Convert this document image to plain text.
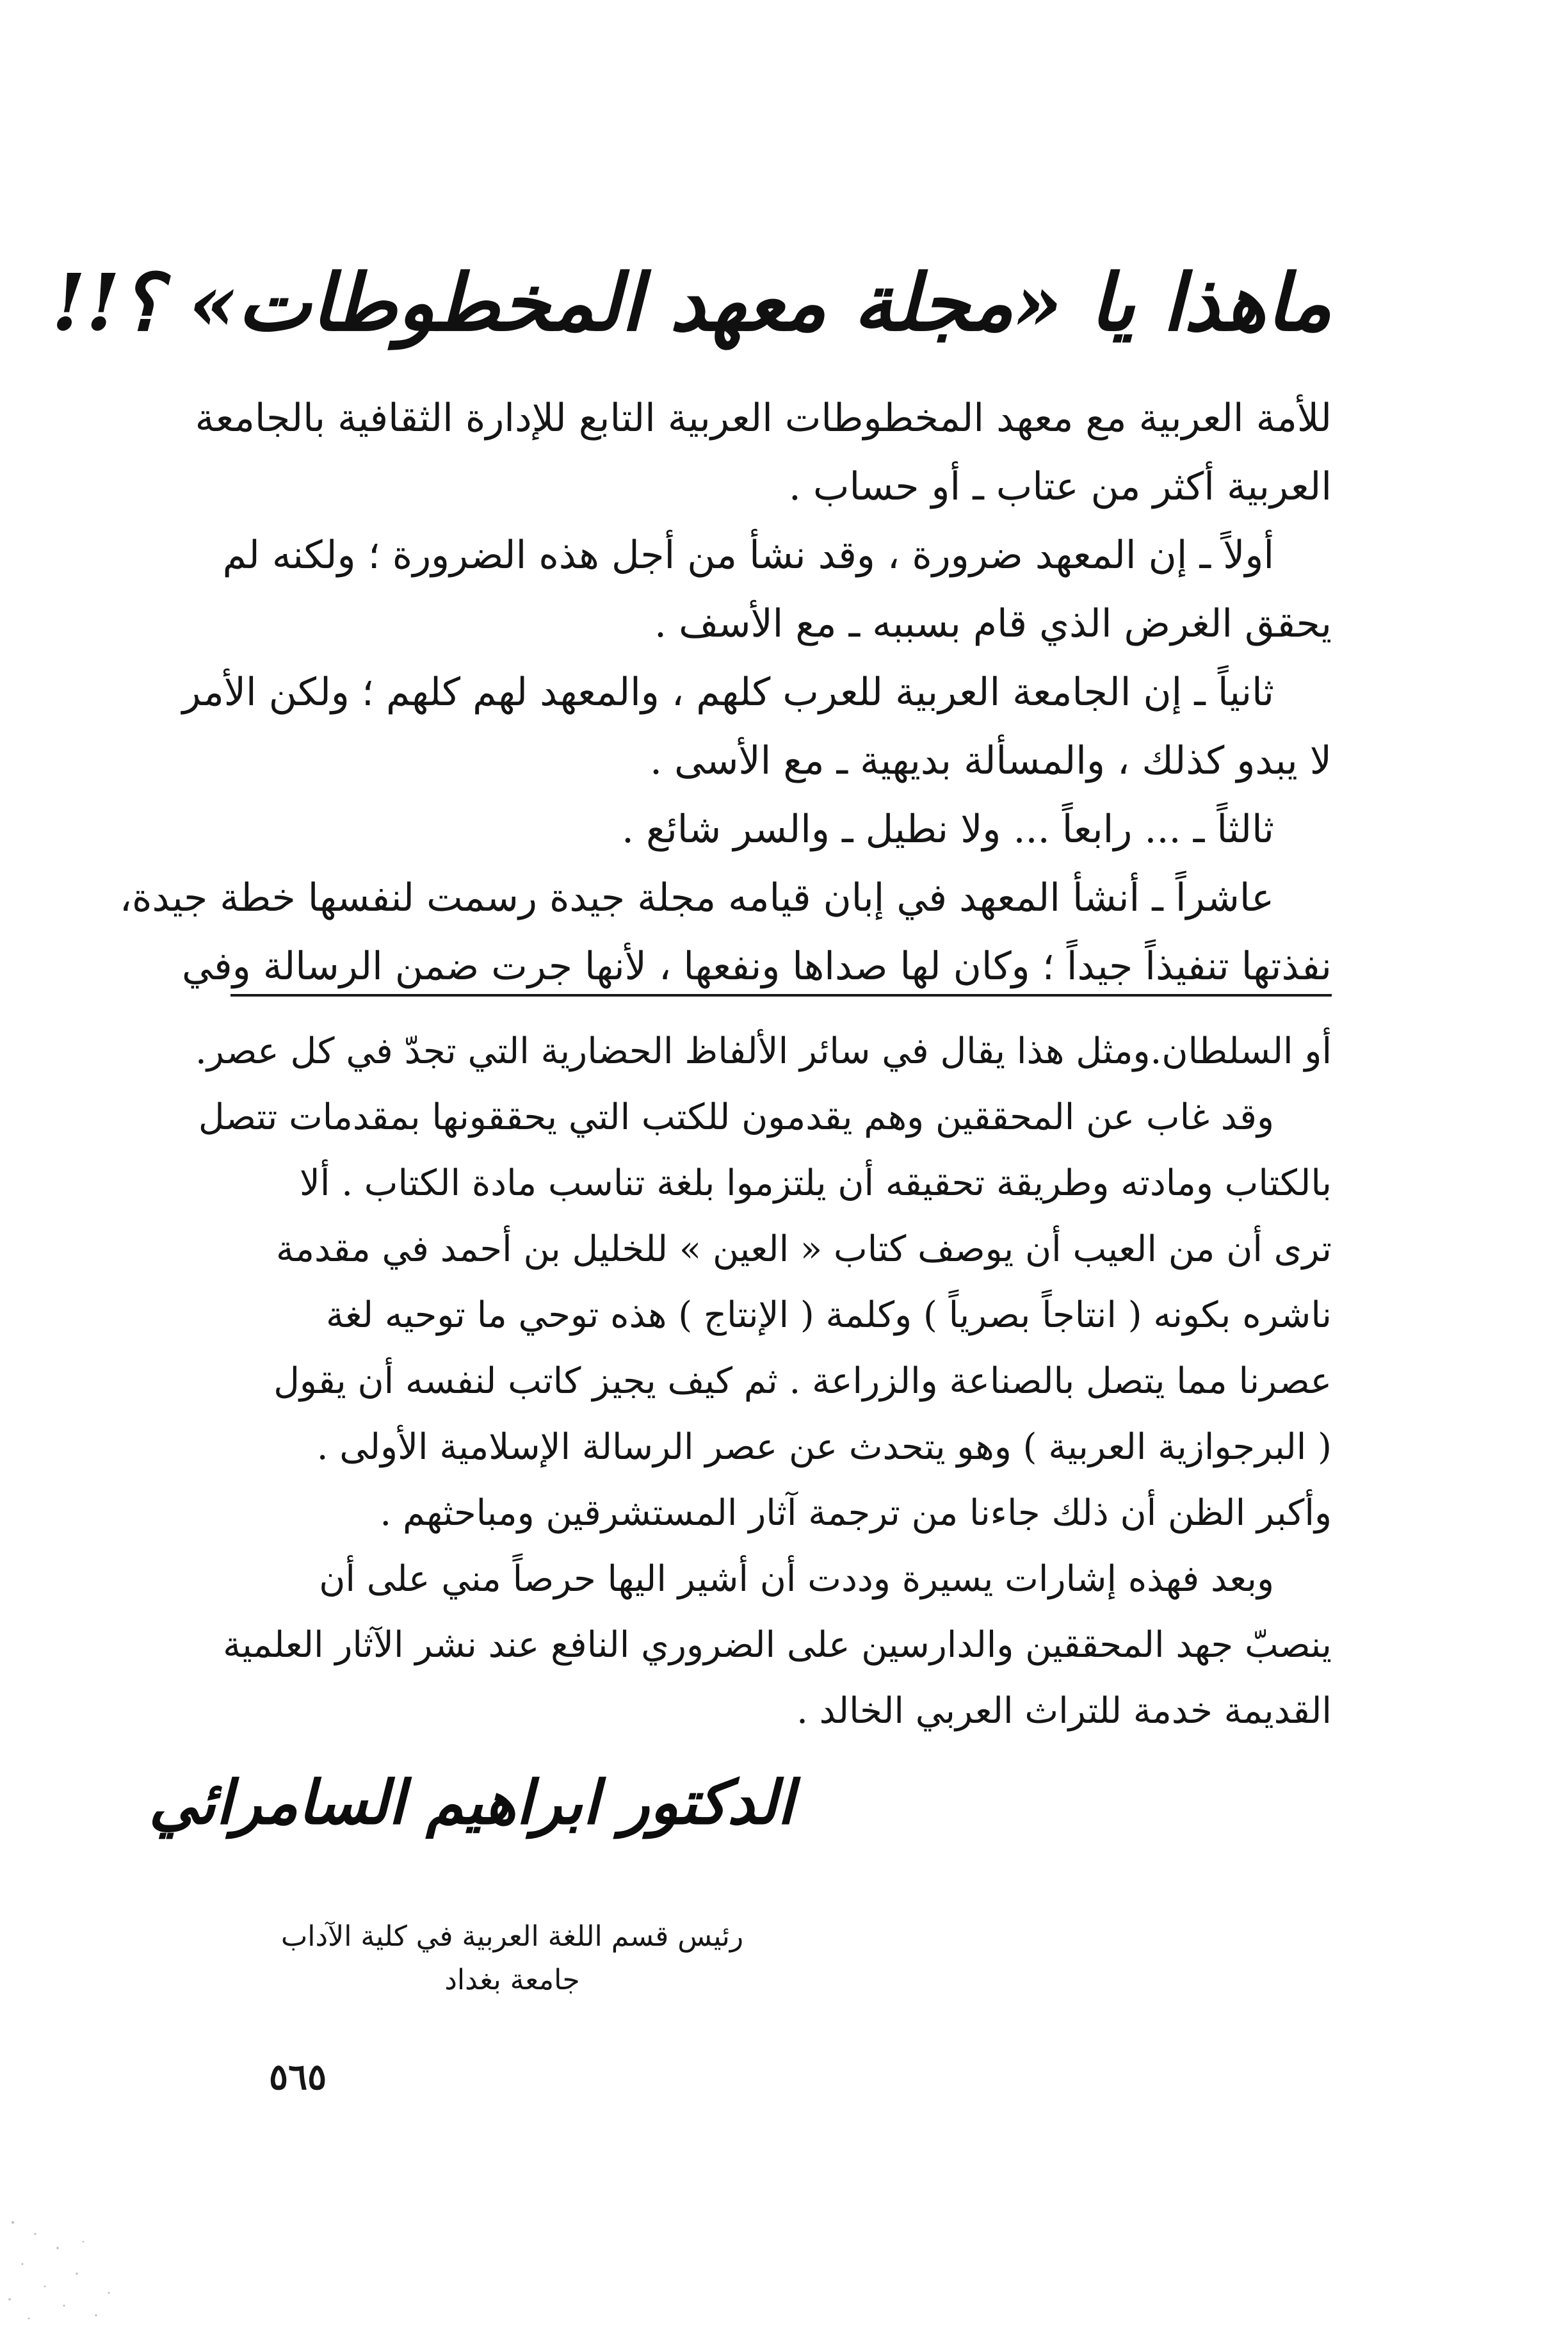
ماهذا يا «مجلة معهد المخطوطات» ؟!!
للأمة العربية مع معهد المخطوطات العربية التابع للإدارة الثقافية بالجامعة
العربية أكثر من عتاب ـ أو حساب .
أولاً ـ إن المعهد ضرورة ، وقد نشأ من أجل هذه الضرورة ؛ ولكنه لم
يحقق الغرض الذي قام بسببه ـ مع الأسف .
ثانياً ـ إن الجامعة العربية للعرب كلهم ، والمعهد لهم كلهم ؛ ولكن الأمر
لا يبدو كذلك ، والمسألة بديهية ـ مع الأسى .
ثالثاً ـ ... رابعاً ... ولا نطيل ـ والسر شائع .
عاشراً ـ أنشأ المعهد في إبان قيامه مجلة جيدة رسمت لنفسها خطة جيدة،
نفذتها تنفيذاً جيداً ؛ وكان لها صداها ونفعها ، لأنها جرت ضمن الرسالة وفي
أو السلطان.ومثل هذا يقال في سائر الألفاظ الحضارية التي تجدّ في كل عصر.
وقد غاب عن المحققين وهم يقدمون للكتب التي يحققونها بمقدمات تتصل
بالكتاب ومادته وطريقة تحقيقه أن يلتزموا بلغة تناسب مادة الكتاب . ألا
ترى أن من العيب أن يوصف كتاب « العين » للخليل بن أحمد في مقدمة
ناشره بكونه ( انتاجاً بصرياً ) وكلمة ( الإنتاج ) هذه توحي ما توحيه لغة
عصرنا مما يتصل بالصناعة والزراعة . ثم كيف يجيز كاتب لنفسه أن يقول
( البرجوازية العربية ) وهو يتحدث عن عصر الرسالة الإسلامية الأولى .
وأكبر الظن أن ذلك جاءنا من ترجمة آثار المستشرقين ومباحثهم .
وبعد فهذه إشارات يسيرة وددت أن أشير اليها حرصاً مني على أن
ينصبّ جهد المحققين والدارسين على الضروري النافع عند نشر الآثار العلمية
القديمة خدمة للتراث العربي الخالد .
الدكتور ابراهيم السامرائي
رئيس قسم اللغة العربية في كلية الآداب
جامعة بغداد
٥٦٥
